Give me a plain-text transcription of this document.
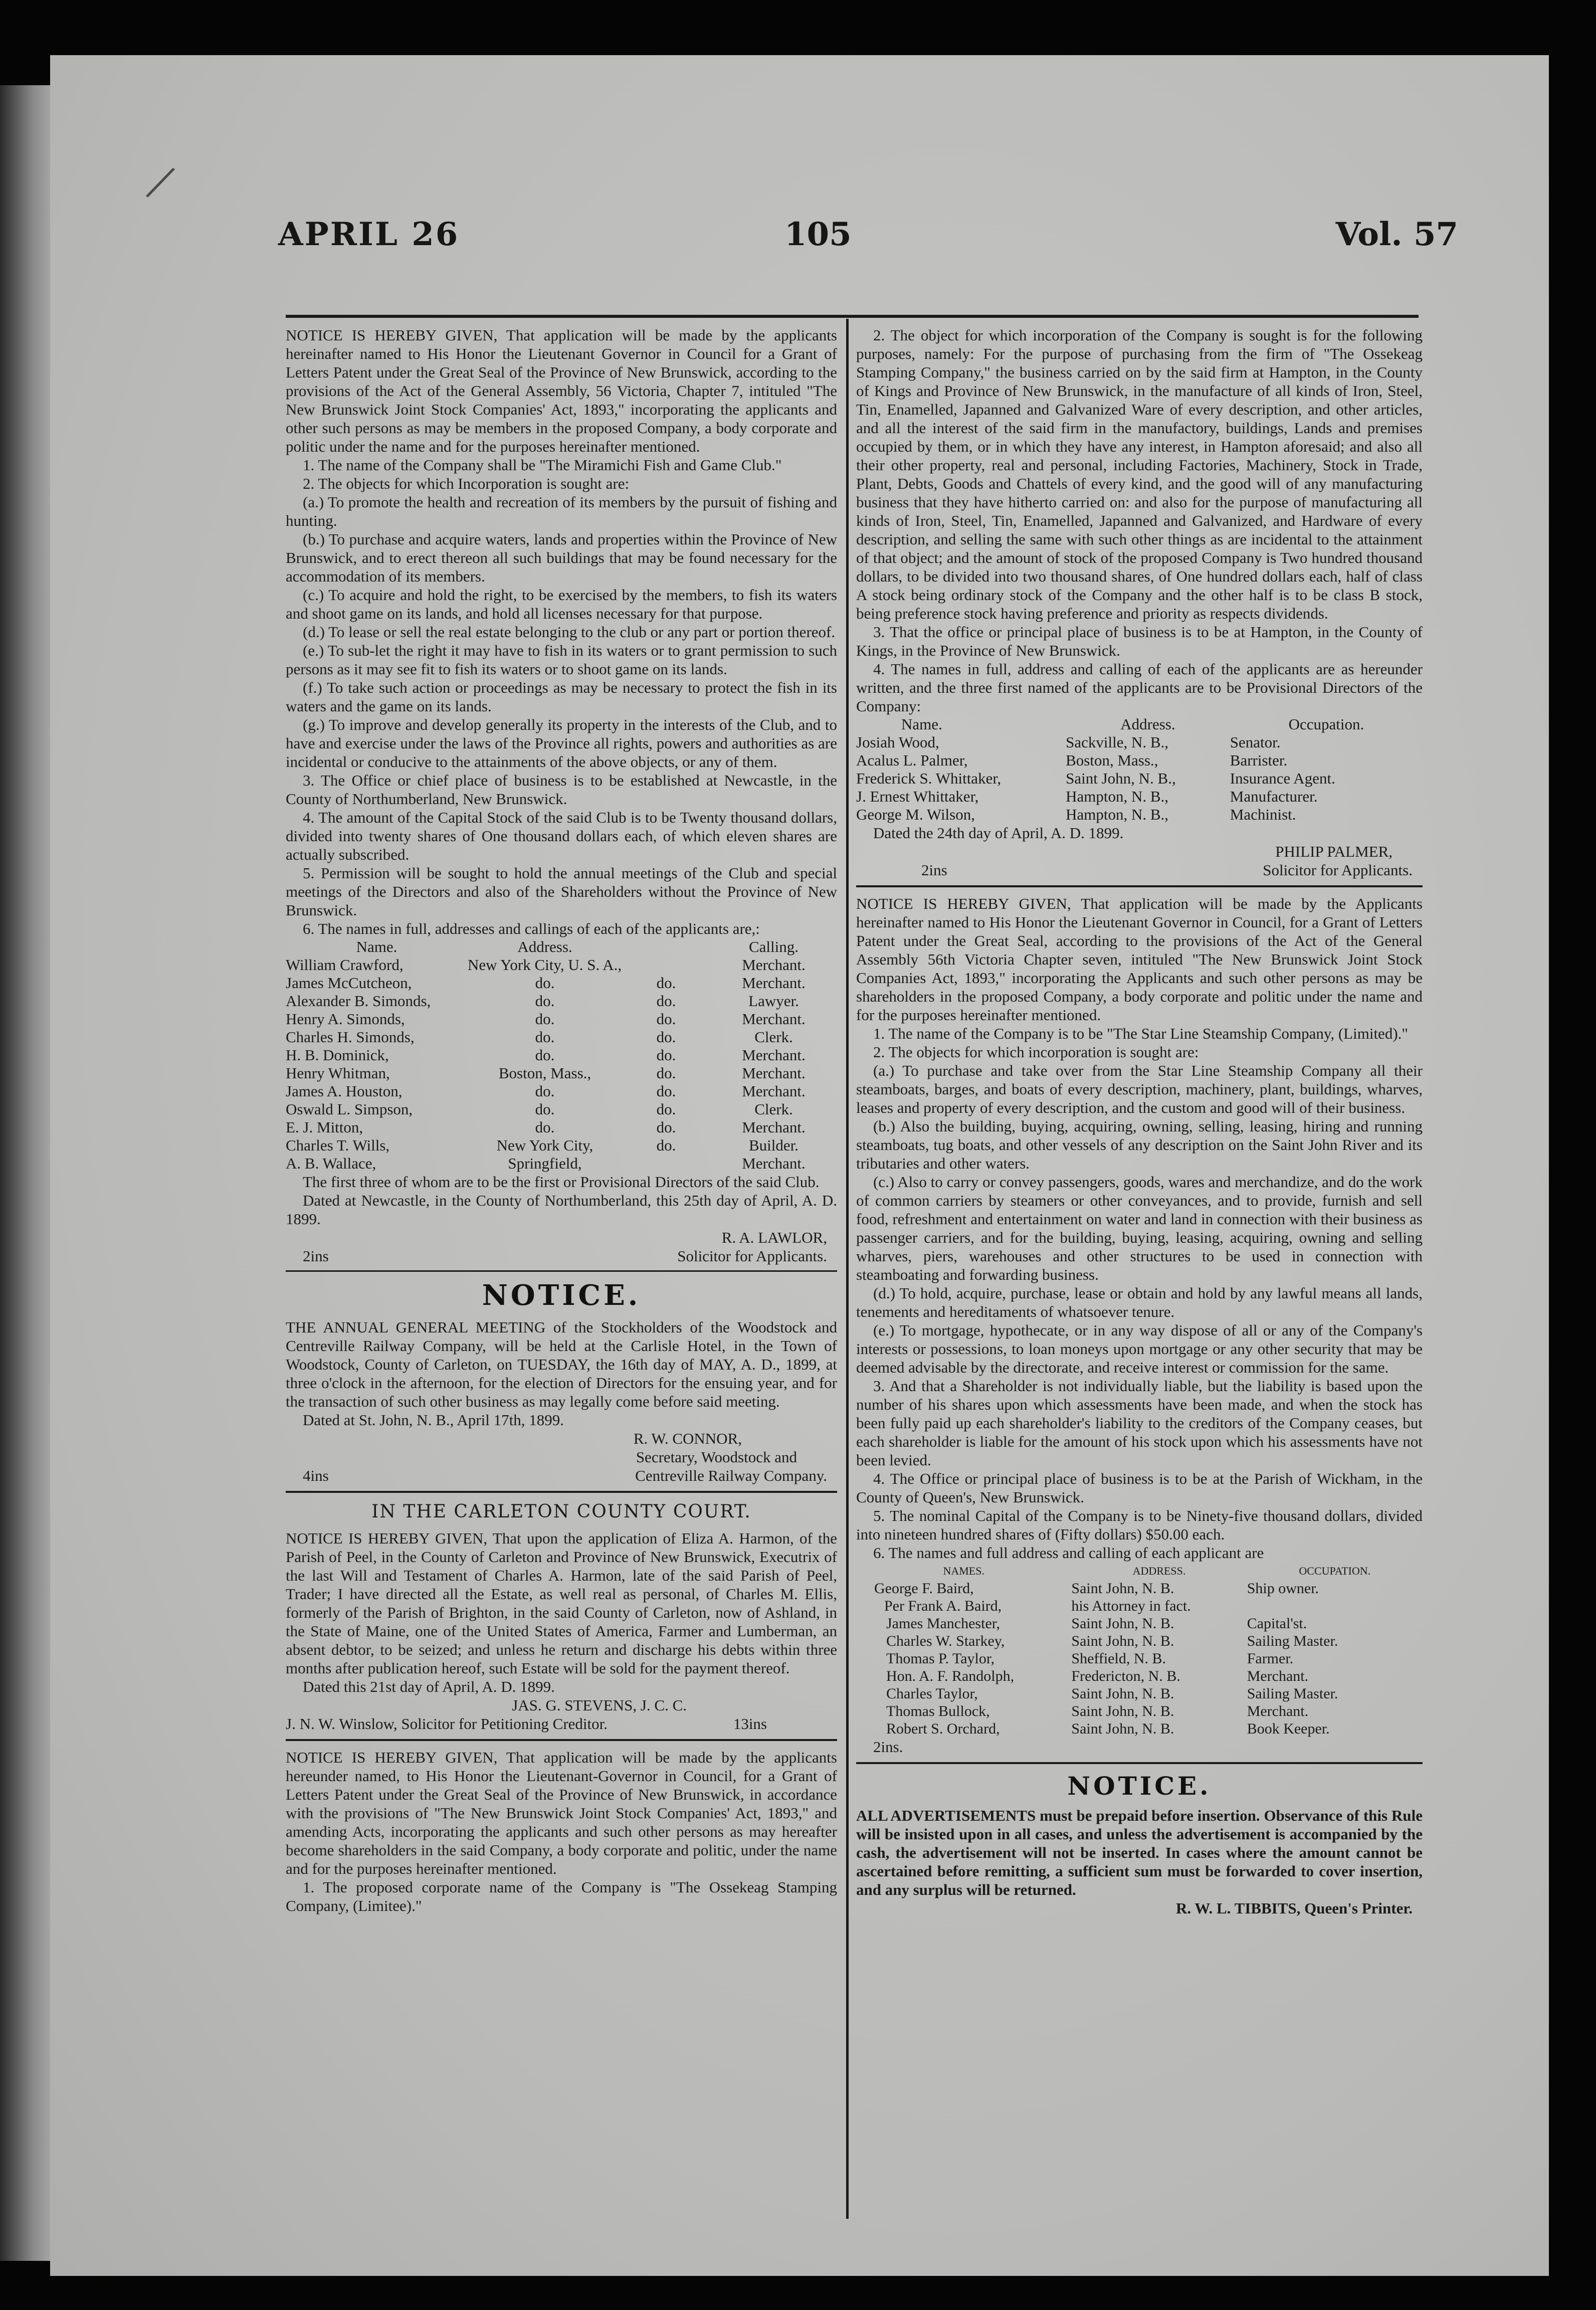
/
APRIL 26	105	Vol. 57

NOTICE IS HEREBY GIVEN, That application will be made by the applicants hereinafter named to His Honor the Lieutenant Governor in Council for a Grant of Letters Patent under the Great Seal of the Province of New Brunswick, according to the provisions of the Act of the General Assembly, 56 Victoria, Chapter 7, intituled "The New Brunswick Joint Stock Companies' Act, 1893," incorporating the applicants and other such persons as may be members in the proposed Company, a body corporate and politic under the name and for the purposes hereinafter mentioned.

1. The name of the Company shall be "The Miramichi Fish and Game Club."

2. The objects for which Incorporation is sought are:

(a.) To promote the health and recreation of its members by the pursuit of fishing and hunting.

(b.) To purchase and acquire waters, lands and properties within the Province of New Brunswick, and to erect thereon all such buildings that may be found necessary for the accommodation of its members.

(c.) To acquire and hold the right, to be exercised by the members, to fish its waters and shoot game on its lands, and hold all licenses necessary for that purpose.

(d.) To lease or sell the real estate belonging to the club or any part or portion thereof.

(e.) To sub-let the right it may have to fish in its waters or to grant permission to such persons as it may see fit to fish its waters or to shoot game on its lands.

(f.) To take such action or proceedings as may be necessary to protect the fish in its waters and the game on its lands.

(g.) To improve and develop generally its property in the interests of the Club, and to have and exercise under the laws of the Province all rights, powers and authorities as are incidental or conducive to the attainments of the above objects, or any of them.

3. The Office or chief place of business is to be established at Newcastle, in the County of Northumberland, New Brunswick.

4. The amount of the Capital Stock of the said Club is to be Twenty thousand dollars, divided into twenty shares of One thousand dollars each, of which eleven shares are actually subscribed.

5. Permission will be sought to hold the annual meetings of the Club and special meetings of the Directors and also of the Shareholders without the Province of New Brunswick.

6. The names in full, addresses and callings of each of the applicants are,:

Name.	Address.		Calling.
William Crawford,	New York City, U. S. A.,		Merchant.
James McCutcheon,	do.	do.	Merchant.
Alexander B. Simonds,	do.	do.	Lawyer.
Henry A. Simonds,	do.	do.	Merchant.
Charles H. Simonds,	do.	do.	Clerk.
H. B. Dominick,	do.	do.	Merchant.
Henry Whitman,	Boston, Mass.,	do.	Merchant.
James A. Houston,	do.	do.	Merchant.
Oswald L. Simpson,	do.	do.	Clerk.
E. J. Mitton,	do.	do.	Merchant.
Charles T. Wills,	New York City,	do.	Builder.
A. B. Wallace,	Springfield,		Merchant.

The first three of whom are to be the first or Provisional Directors of the said Club.

Dated at Newcastle, in the County of Northumberland, this 25th day of April, A. D. 1899.

R. A. LAWLOR,
2ins	Solicitor for Applicants.
NOTICE.

THE ANNUAL GENERAL MEETING of the Stockholders of the Woodstock and Centreville Railway Company, will be held at the Carlisle Hotel, in the Town of Woodstock, County of Carleton, on TUESDAY, the 16th day of MAY, A. D., 1899, at three o'clock in the afternoon, for the election of Directors for the ensuing year, and for the transaction of such other business as may legally come before said meeting.

Dated at St. John, N. B., April 17th, 1899.

R. W. CONNOR,
Secretary, Woodstock and
4ins	Centreville Railway Company.
IN THE CARLETON COUNTY COURT.

NOTICE IS HEREBY GIVEN, That upon the application of Eliza A. Harmon, of the Parish of Peel, in the County of Carleton and Province of New Brunswick, Executrix of the last Will and Testament of Charles A. Harmon, late of the said Parish of Peel, Trader; I have directed all the Estate, as well real as personal, of Charles M. Ellis, formerly of the Parish of Brighton, in the said County of Carleton, now of Ashland, in the State of Maine, one of the United States of America, Farmer and Lumberman, an absent debtor, to be seized; and unless he return and discharge his debts within three months after publication hereof, such Estate will be sold for the payment thereof.

Dated this 21st day of April, A. D. 1899.

JAS. G. STEVENS, J. C. C.
J. N. W. Winslow, Solicitor for Petitioning Creditor.	13ins

NOTICE IS HEREBY GIVEN, That application will be made by the applicants hereunder named, to His Honor the Lieutenant-Governor in Council, for a Grant of Letters Patent under the Great Seal of the Province of New Brunswick, in accordance with the provisions of "The New Brunswick Joint Stock Companies' Act, 1893," and amending Acts, incorporating the applicants and such other persons as may hereafter become shareholders in the said Company, a body corporate and politic, under the name and for the purposes hereinafter mentioned.

1. The proposed corporate name of the Company is "The Ossekeag Stamping Company, (Limitee)."

2. The object for which incorporation of the Company is sought is for the following purposes, namely: For the purpose of purchasing from the firm of "The Ossekeag Stamping Company," the business carried on by the said firm at Hampton, in the County of Kings and Province of New Brunswick, in the manufacture of all kinds of Iron, Steel, Tin, Enamelled, Japanned and Galvanized Ware of every description, and other articles, and all the interest of the said firm in the manufactory, buildings, Lands and premises occupied by them, or in which they have any interest, in Hampton aforesaid; and also all their other property, real and personal, including Factories, Machinery, Stock in Trade, Plant, Debts, Goods and Chattels of every kind, and the good will of any manufacturing business that they have hitherto carried on: and also for the purpose of manufacturing all kinds of Iron, Steel, Tin, Enamelled, Japanned and Galvanized, and Hardware of every description, and selling the same with such other things as are incidental to the attainment of that object; and the amount of stock of the proposed Company is Two hundred thousand dollars, to be divided into two thousand shares, of One hundred dollars each, half of class A stock being ordinary stock of the Company and the other half is to be class B stock, being preference stock having preference and priority as respects dividends.

3. That the office or principal place of business is to be at Hampton, in the County of Kings, in the Province of New Brunswick.

4. The names in full, address and calling of each of the applicants are as hereunder written, and the three first named of the applicants are to be Provisional Directors of the Company:

Name.	Address.	Occupation.
Josiah Wood,	Sackville, N. B.,	Senator.
Acalus L. Palmer,	Boston, Mass.,	Barrister.
Frederick S. Whittaker,	Saint John, N. B.,	Insurance Agent.
J. Ernest Whittaker,	Hampton, N. B.,	Manufacturer.
George M. Wilson,	Hampton, N. B.,	Machinist.

Dated the 24th day of April, A. D. 1899.

PHILIP PALMER,
2ins	Solicitor for Applicants.

NOTICE IS HEREBY GIVEN, That application will be made by the Applicants hereinafter named to His Honor the Lieutenant Governor in Council, for a Grant of Letters Patent under the Great Seal, according to the provisions of the Act of the General Assembly 56th Victoria Chapter seven, intituled "The New Brunswick Joint Stock Companies Act, 1893," incorporating the Applicants and such other persons as may be shareholders in the proposed Company, a body corporate and politic under the name and for the purposes hereinafter mentioned.

1. The name of the Company is to be "The Star Line Steamship Company, (Limited)."

2. The objects for which incorporation is sought are:

(a.) To purchase and take over from the Star Line Steamship Company all their steamboats, barges, and boats of every description, machinery, plant, buildings, wharves, leases and property of every description, and the custom and good will of their business.

(b.) Also the building, buying, acquiring, owning, selling, leasing, hiring and running steamboats, tug boats, and other vessels of any description on the Saint John River and its tributaries and other waters.

(c.) Also to carry or convey passengers, goods, wares and merchandize, and do the work of common carriers by steamers or other conveyances, and to provide, furnish and sell food, refreshment and entertainment on water and land in connection with their business as passenger carriers, and for the building, buying, leasing, acquiring, owning and selling wharves, piers, warehouses and other structures to be used in connection with steamboating and forwarding business.

(d.) To hold, acquire, purchase, lease or obtain and hold by any lawful means all lands, tenements and hereditaments of whatsoever tenure.

(e.) To mortgage, hypothecate, or in any way dispose of all or any of the Company's interests or possessions, to loan moneys upon mortgage or any other security that may be deemed advisable by the directorate, and receive interest or commission for the same.

3. And that a Shareholder is not individually liable, but the liability is based upon the number of his shares upon which assessments have been made, and when the stock has been fully paid up each shareholder's liability to the creditors of the Company ceases, but each shareholder is liable for the amount of his stock upon which his assessments have not been levied.

4. The Office or principal place of business is to be at the Parish of Wickham, in the County of Queen's, New Brunswick.

5. The nominal Capital of the Company is to be Ninety-five thousand dollars, divided into nineteen hundred shares of (Fifty dollars) $50.00 each.

6. The names and full address and calling of each applicant are

NAMES.	ADDRESS.	OCCUPATION.
George F. Baird,	Saint John, N. B.	Ship owner.
Per Frank A. Baird,	his Attorney in fact.	
James Manchester,	Saint John, N. B.	Capital'st.
Charles W. Starkey,	Saint John, N. B.	Sailing Master.
Thomas P. Taylor,	Sheffield, N. B.	Farmer.
Hon. A. F. Randolph,	Fredericton, N. B.	Merchant.
Charles Taylor,	Saint John, N. B.	Sailing Master.
Thomas Bullock,	Saint John, N. B.	Merchant.
Robert S. Orchard,	Saint John, N. B.	Book Keeper.
2ins.
NOTICE.

ALL ADVERTISEMENTS must be prepaid before insertion. Observance of this Rule will be insisted upon in all cases, and unless the advertisement is accompanied by the cash, the advertisement will not be inserted. In cases where the amount cannot be ascertained before remitting, a sufficient sum must be forwarded to cover insertion, and any surplus will be returned.

R. W. L. TIBBITS, Queen's Printer.
